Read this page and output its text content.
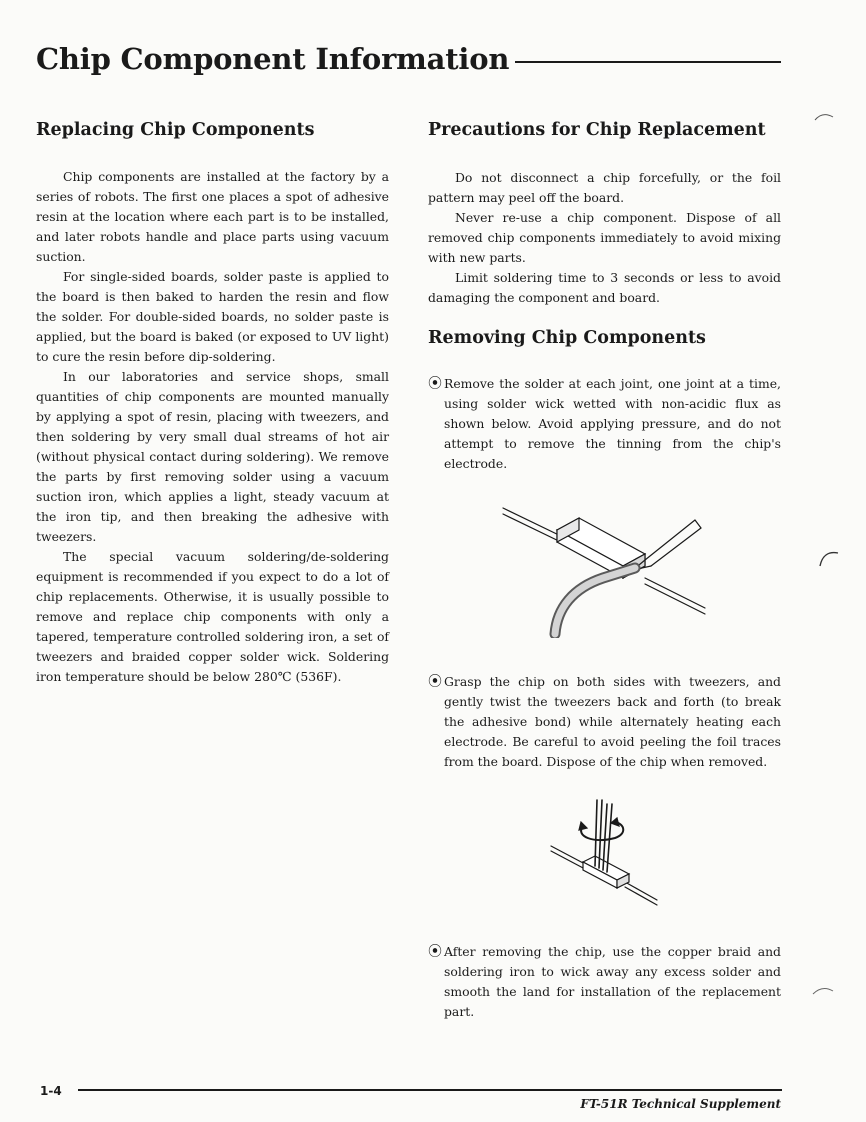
Chip Component Information
Replacing Chip Components

Chip components are installed at the factory by a series of robots. The first one places a spot of adhesive resin at the location where each part is to be installed, and later robots handle and place parts using vacuum suction.

For single-sided boards, solder paste is applied to the board is then baked to harden the resin and flow the solder. For double-sided boards, no solder paste is applied, but the board is baked (or exposed to UV light) to cure the resin before dip-soldering.

In our laboratories and service shops, small quantities of chip components are mounted manually by applying a spot of resin, placing with tweezers, and then soldering by very small dual streams of hot air (without physical contact during soldering). We remove the parts by first removing solder using a vacuum suction iron, which applies a light, steady vacuum at the iron tip, and then breaking the adhesive with tweezers.

The special vacuum soldering/de-soldering equipment is recommended if you expect to do a lot of chip replacements. Otherwise, it is usually possible to remove and replace chip components with only a tapered, temperature controlled soldering iron, a set of tweezers and braided copper solder wick. Soldering iron temperature should be below 280℃ (536F).

Precautions for Chip Replacement

Do not disconnect a chip forcefully, or the foil pattern may peel off the board.

Never re-use a chip component. Dispose of all removed chip components immediately to avoid mixing with new parts.

Limit soldering time to 3 seconds or less to avoid damaging the component and board.

Removing Chip Components
⦿ Remove the solder at each joint, one joint at a time, using solder wick wetted with non-acidic flux as shown below. Avoid applying pressure, and do not attempt to remove the tinning from the chip's electrode.
⦿ Grasp the chip on both sides with tweezers, and gently twist the tweezers back and forth (to break the adhesive bond) while alternately heating each electrode. Be careful to avoid peeling the foil traces from the board. Dispose of the chip when removed.
⦿ After removing the chip, use the copper braid and soldering iron to wick away any excess solder and smooth the land for installation of the replacement part.
1-4
FT-51R Technical Supplement
